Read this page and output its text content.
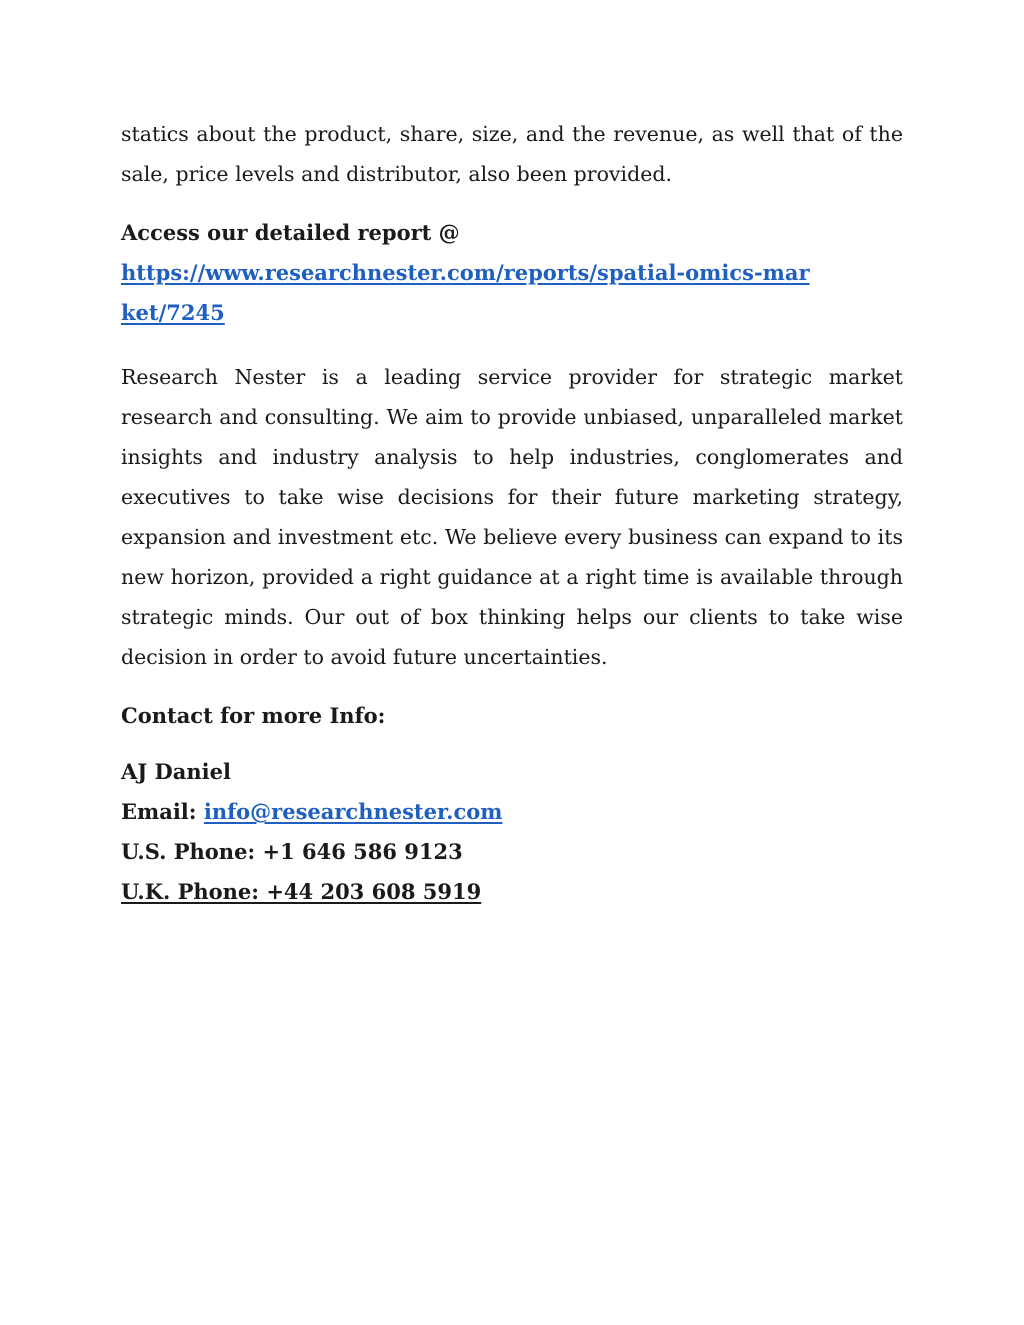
statics about the product, share, size, and the revenue, as well that of the sale, price levels and distributor, also been provided.

Access our detailed report @

https://www.researchnester.com/reports/spatial-omics-market/7245

Research Nester is a leading service provider for strategic market research and consulting. We aim to provide unbiased, unparalleled market insights and industry analysis to help industries, conglomerates and executives to take wise decisions for their future marketing strategy, expansion and investment etc. We believe every business can expand to its new horizon, provided a right guidance at a right time is available through strategic minds. Our out of box thinking helps our clients to take wise decision in order to avoid future uncertainties.

Contact for more Info:

AJ Daniel

Email: info@researchnester.com

U.S. Phone: +1 646 586 9123

U.K. Phone: +44 203 608 5919
